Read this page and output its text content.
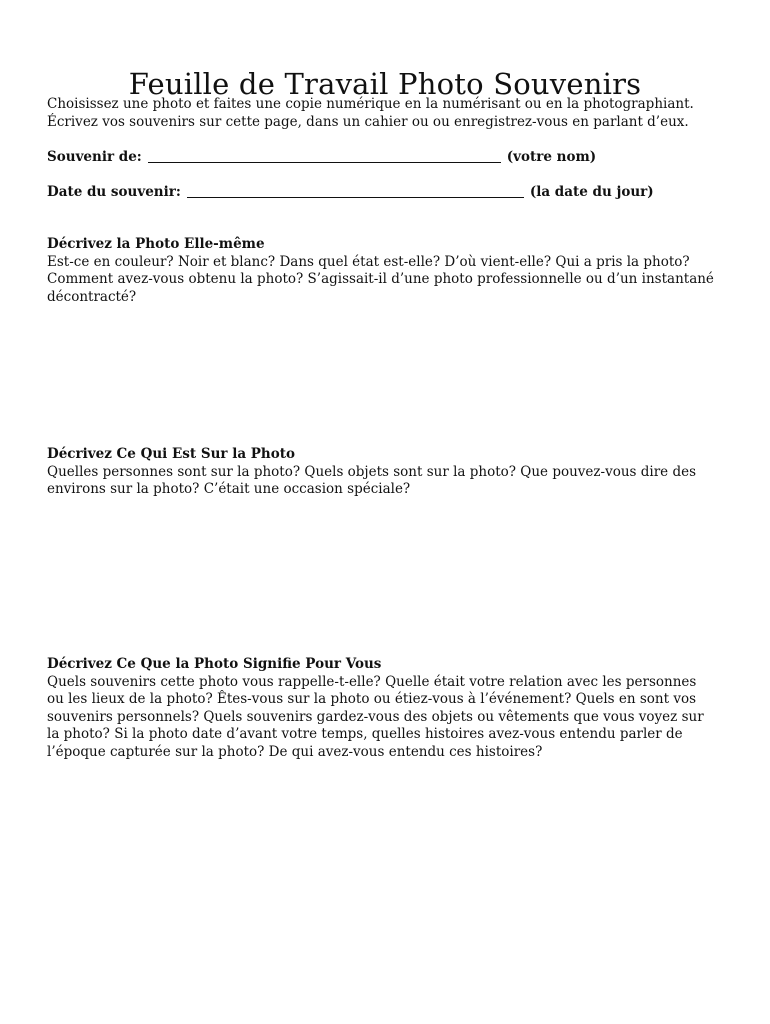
Feuille de Travail Photo Souvenirs

Choisissez une photo et faites une copie numérique en la numérisant ou en la photographiant.

Écrivez vos souvenirs sur cette page, dans un cahier ou ou enregistrez-vous en parlant d’eux.

Souvenir de:	(votre nom)
Date du souvenir:	(la date du jour)
Décrivez la Photo Elle-même
Est-ce en couleur? Noir et blanc? Dans quel état est-elle? D’où vient-elle? Qui a pris la photo?
Comment avez-vous obtenu la photo? S’agissait-il d’une photo professionnelle ou d’un instantané
décontracté?
Décrivez Ce Qui Est Sur la Photo
Quelles personnes sont sur la photo? Quels objets sont sur la photo? Que pouvez-vous dire des
environs sur la photo? C’était une occasion spéciale?
Décrivez Ce Que la Photo Signifie Pour Vous
Quels souvenirs cette photo vous rappelle-t-elle? Quelle était votre relation avec les personnes
ou les lieux de la photo? Êtes-vous sur la photo ou étiez-vous à l’événement? Quels en sont vos
souvenirs personnels? Quels souvenirs gardez-vous des objets ou vêtements que vous voyez sur
la photo? Si la photo date d’avant votre temps, quelles histoires avez-vous entendu parler de
l’époque capturée sur la photo? De qui avez-vous entendu ces histoires?
